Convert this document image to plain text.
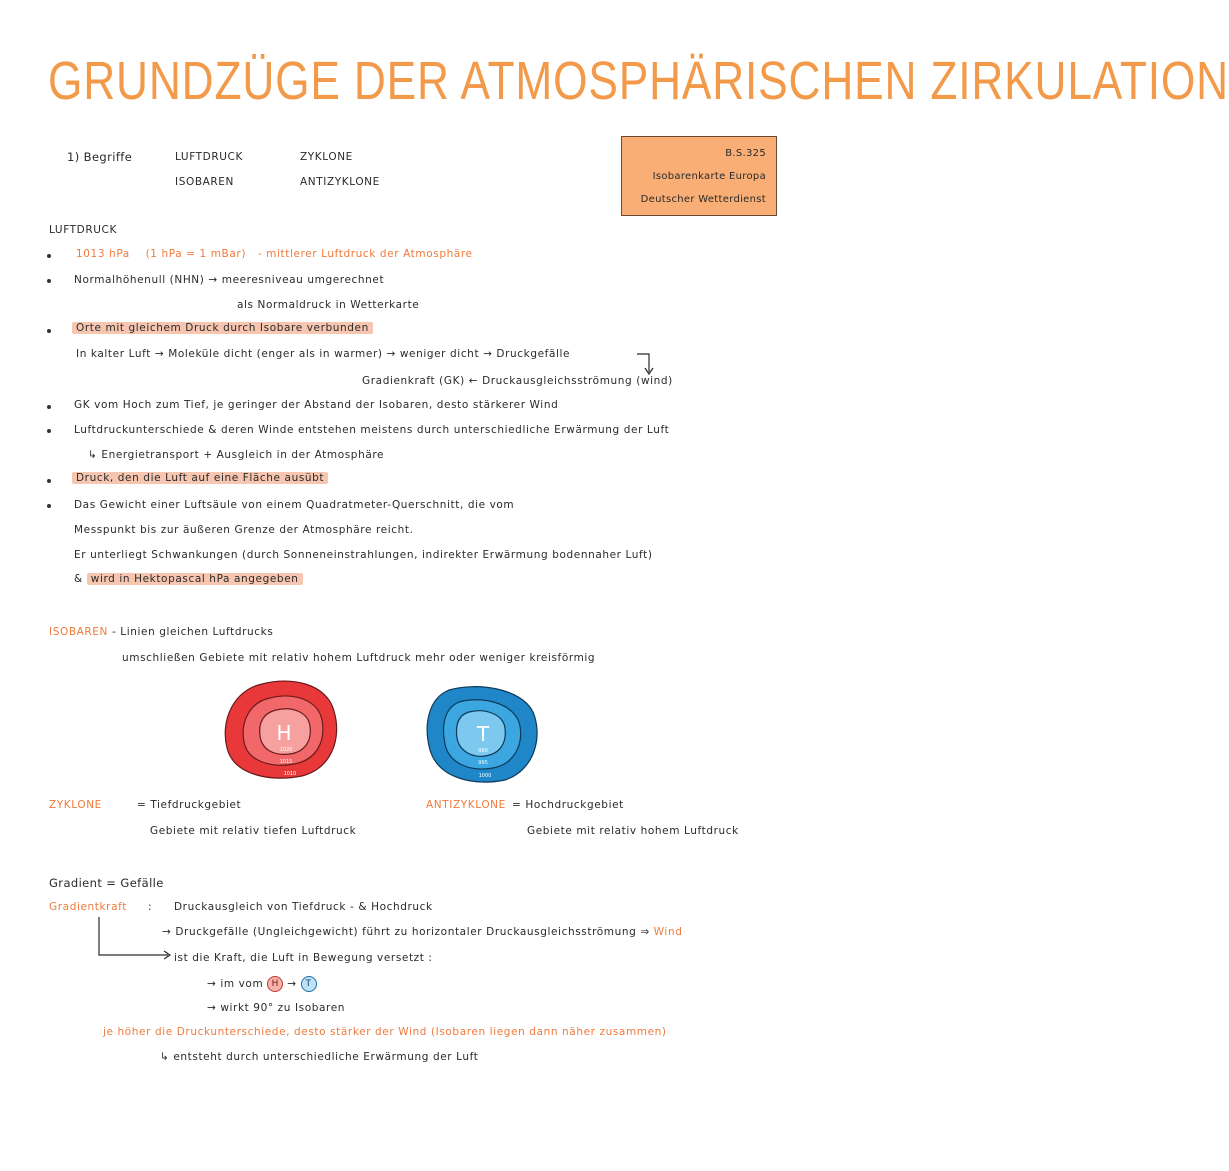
GRUNDZÜGE DER ATMOSPHÄRISCHEN ZIRKULATION
B.S.325
Isobarenkarte Europa
Deutscher Wetterdienst
1) Begriffe	LUFTDRUCK
ISOBAREN
ZYKLONE
ANTIZYKLONE
LUFTDRUCK
1013 hPa (1 hPa = 1 mBar) - mittlerer Luftdruck der Atmosphäre
Normalhöhenull (NHN) → meeresniveau umgerechnet
als Normaldruck in Wetterkarte
Orte mit gleichem Druck durch Isobare verbunden
In kalter Luft → Moleküle dicht (enger als in warmer) → weniger dicht → Druckgefälle
Gradienkraft (GK) ← Druckausgleichsströmung (wind)
GK vom Hoch zum Tief, je geringer der Abstand der Isobaren, desto stärkerer Wind
Luftdruckunterschiede & deren Winde entstehen meistens durch unterschiedliche Erwärmung der Luft
↳ Energietransport + Ausgleich in der Atmosphäre
Druck, den die Luft auf eine Fläche ausübt
Das Gewicht einer Luftsäule von einem Quadratmeter-Querschnitt, die vom
Messpunkt bis zur äußeren Grenze der Atmosphäre reicht.
Er unterliegt Schwankungen (durch Sonneneinstrahlungen, indirekter Erwärmung bodennaher Luft)
& wird in Hektopascal hPa angegeben
ISOBAREN - Linien gleichen Luftdrucks
umschließen Gebiete mit relativ hohem Luftdruck mehr oder weniger kreisförmig
H
1020
1015
1010
T
990
995
1000
ZYKLONE	= Tiefdruckgebiet
Gebiete mit relativ tiefen Luftdruck
ANTIZYKLONE = Hochdruckgebiet
Gebiete mit relativ hohem Luftdruck
Gradient = Gefälle
Gradientkraft : Druckausgleich von Tiefdruck - & Hochdruck
→ Druckgefälle (Ungleichgewicht) führt zu horizontaler Druckausgleichsströmung ⇒ Wind
ist die Kraft, die Luft in Bewegung versetzt :
→ im vom H → T
→ wirkt 90° zu Isobaren
je höher die Druckunterschiede, desto stärker der Wind (Isobaren liegen dann näher zusammen)
↳ entsteht durch unterschiedliche Erwärmung der Luft
